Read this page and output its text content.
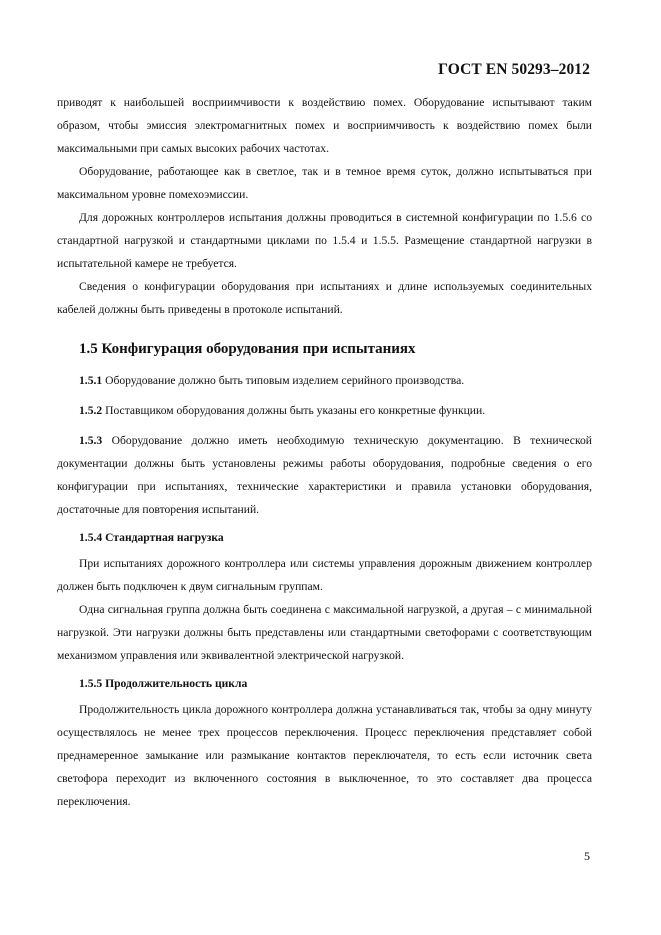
ГОСТ EN 50293–2012

приводят к наибольшей восприимчивости к воздействию помех. Оборудование испытывают таким образом, чтобы эмиссия электромагнитных помех и восприимчивость к воздействию помех были максимальными при самых высоких рабочих частотах.

Оборудование, работающее как в светлое, так и в темное время суток, должно испытываться при максимальном уровне помехоэмиссии.

Для дорожных контроллеров испытания должны проводиться в системной конфигурации по 1.5.6 со стандартной нагрузкой и стандартными циклами по 1.5.4 и 1.5.5. Размещение стандартной нагрузки в испытательной камере не требуется.

Сведения о конфигурации оборудования при испытаниях и длине используемых соединительных кабелей должны быть приведены в протоколе испытаний.

1.5 Конфигурация оборудования при испытаниях

1.5.1 Оборудование должно быть типовым изделием серийного производства.

1.5.2 Поставщиком оборудования должны быть указаны его конкретные функции.

1.5.3 Оборудование должно иметь необходимую техническую документацию. В технической документации должны быть установлены режимы работы оборудования, подробные сведения о его конфигурации при испытаниях, технические характеристики и правила установки оборудования, достаточные для повторения испытаний.

1.5.4 Стандартная нагрузка

При испытаниях дорожного контроллера или системы управления дорожным движением контроллер должен быть подключен к двум сигнальным группам.

Одна сигнальная группа должна быть соединена с максимальной нагрузкой, а другая – с минимальной нагрузкой. Эти нагрузки должны быть представлены или стандартными светофорами с соответствующим механизмом управления или эквивалентной электрической нагрузкой.

1.5.5 Продолжительность цикла

Продолжительность цикла дорожного контроллера должна устанавливаться так, чтобы за одну минуту осуществлялось не менее трех процессов переключения. Процесс переключения представляет собой преднамеренное замыкание или размыкание контактов переключателя, то есть если источник света светофора переходит из включенного состояния в выключенное, то это составляет два процесса переключения.

5
